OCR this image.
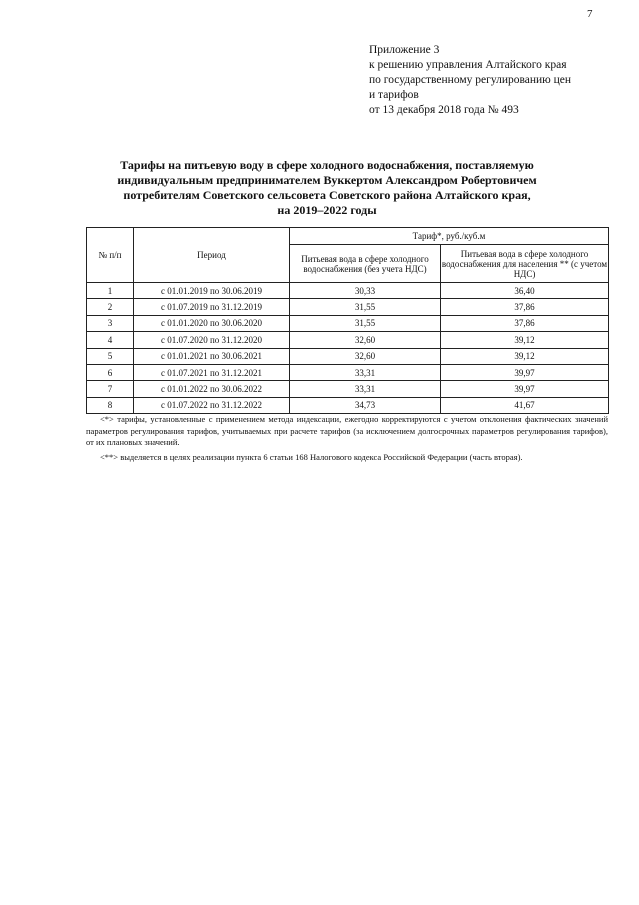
7
Приложение 3
к решению управления Алтайского края
по государственному регулированию цен
и тарифов
от 13 декабря 2018 года № 493
Тарифы на питьевую воду в сфере холодного водоснабжения, поставляемую
индивидуальным предпринимателем Вуккертом Александром Робертовичем
потребителям Советского сельсовета Советского района Алтайского края,
на 2019–2022 годы
№ п/п	Период	Тариф*, руб./куб.м	
		Питьевая вода в сфере холодного водоснабжения (без учета НДС)	Питьевая вода в сфере холодного водоснабжения для населения ** (с учетом НДС)
1	с 01.01.2019 по 30.06.2019	30,33	36,40
2	с 01.07.2019 по 31.12.2019	31,55	37,86
3	с 01.01.2020 по 30.06.2020	31,55	37,86
4	с 01.07.2020 по 31.12.2020	32,60	39,12
5	с 01.01.2021 по 30.06.2021	32,60	39,12
6	с 01.07.2021 по 31.12.2021	33,31	39,97
7	с 01.01.2022 по 30.06.2022	33,31	39,97
8	с 01.07.2022 по 31.12.2022	34,73	41,67

<*> тарифы, установленные с применением метода индексации, ежегодно корректируются с учетом отклонения фактических значений параметров регулирования тарифов, учитываемых при расчете тарифов (за исключением долгосрочных параметров регулирования тарифов), от их плановых значений.

<**> выделяется в целях реализации пункта 6 статьи 168 Налогового кодекса Российской Федерации (часть вторая).
